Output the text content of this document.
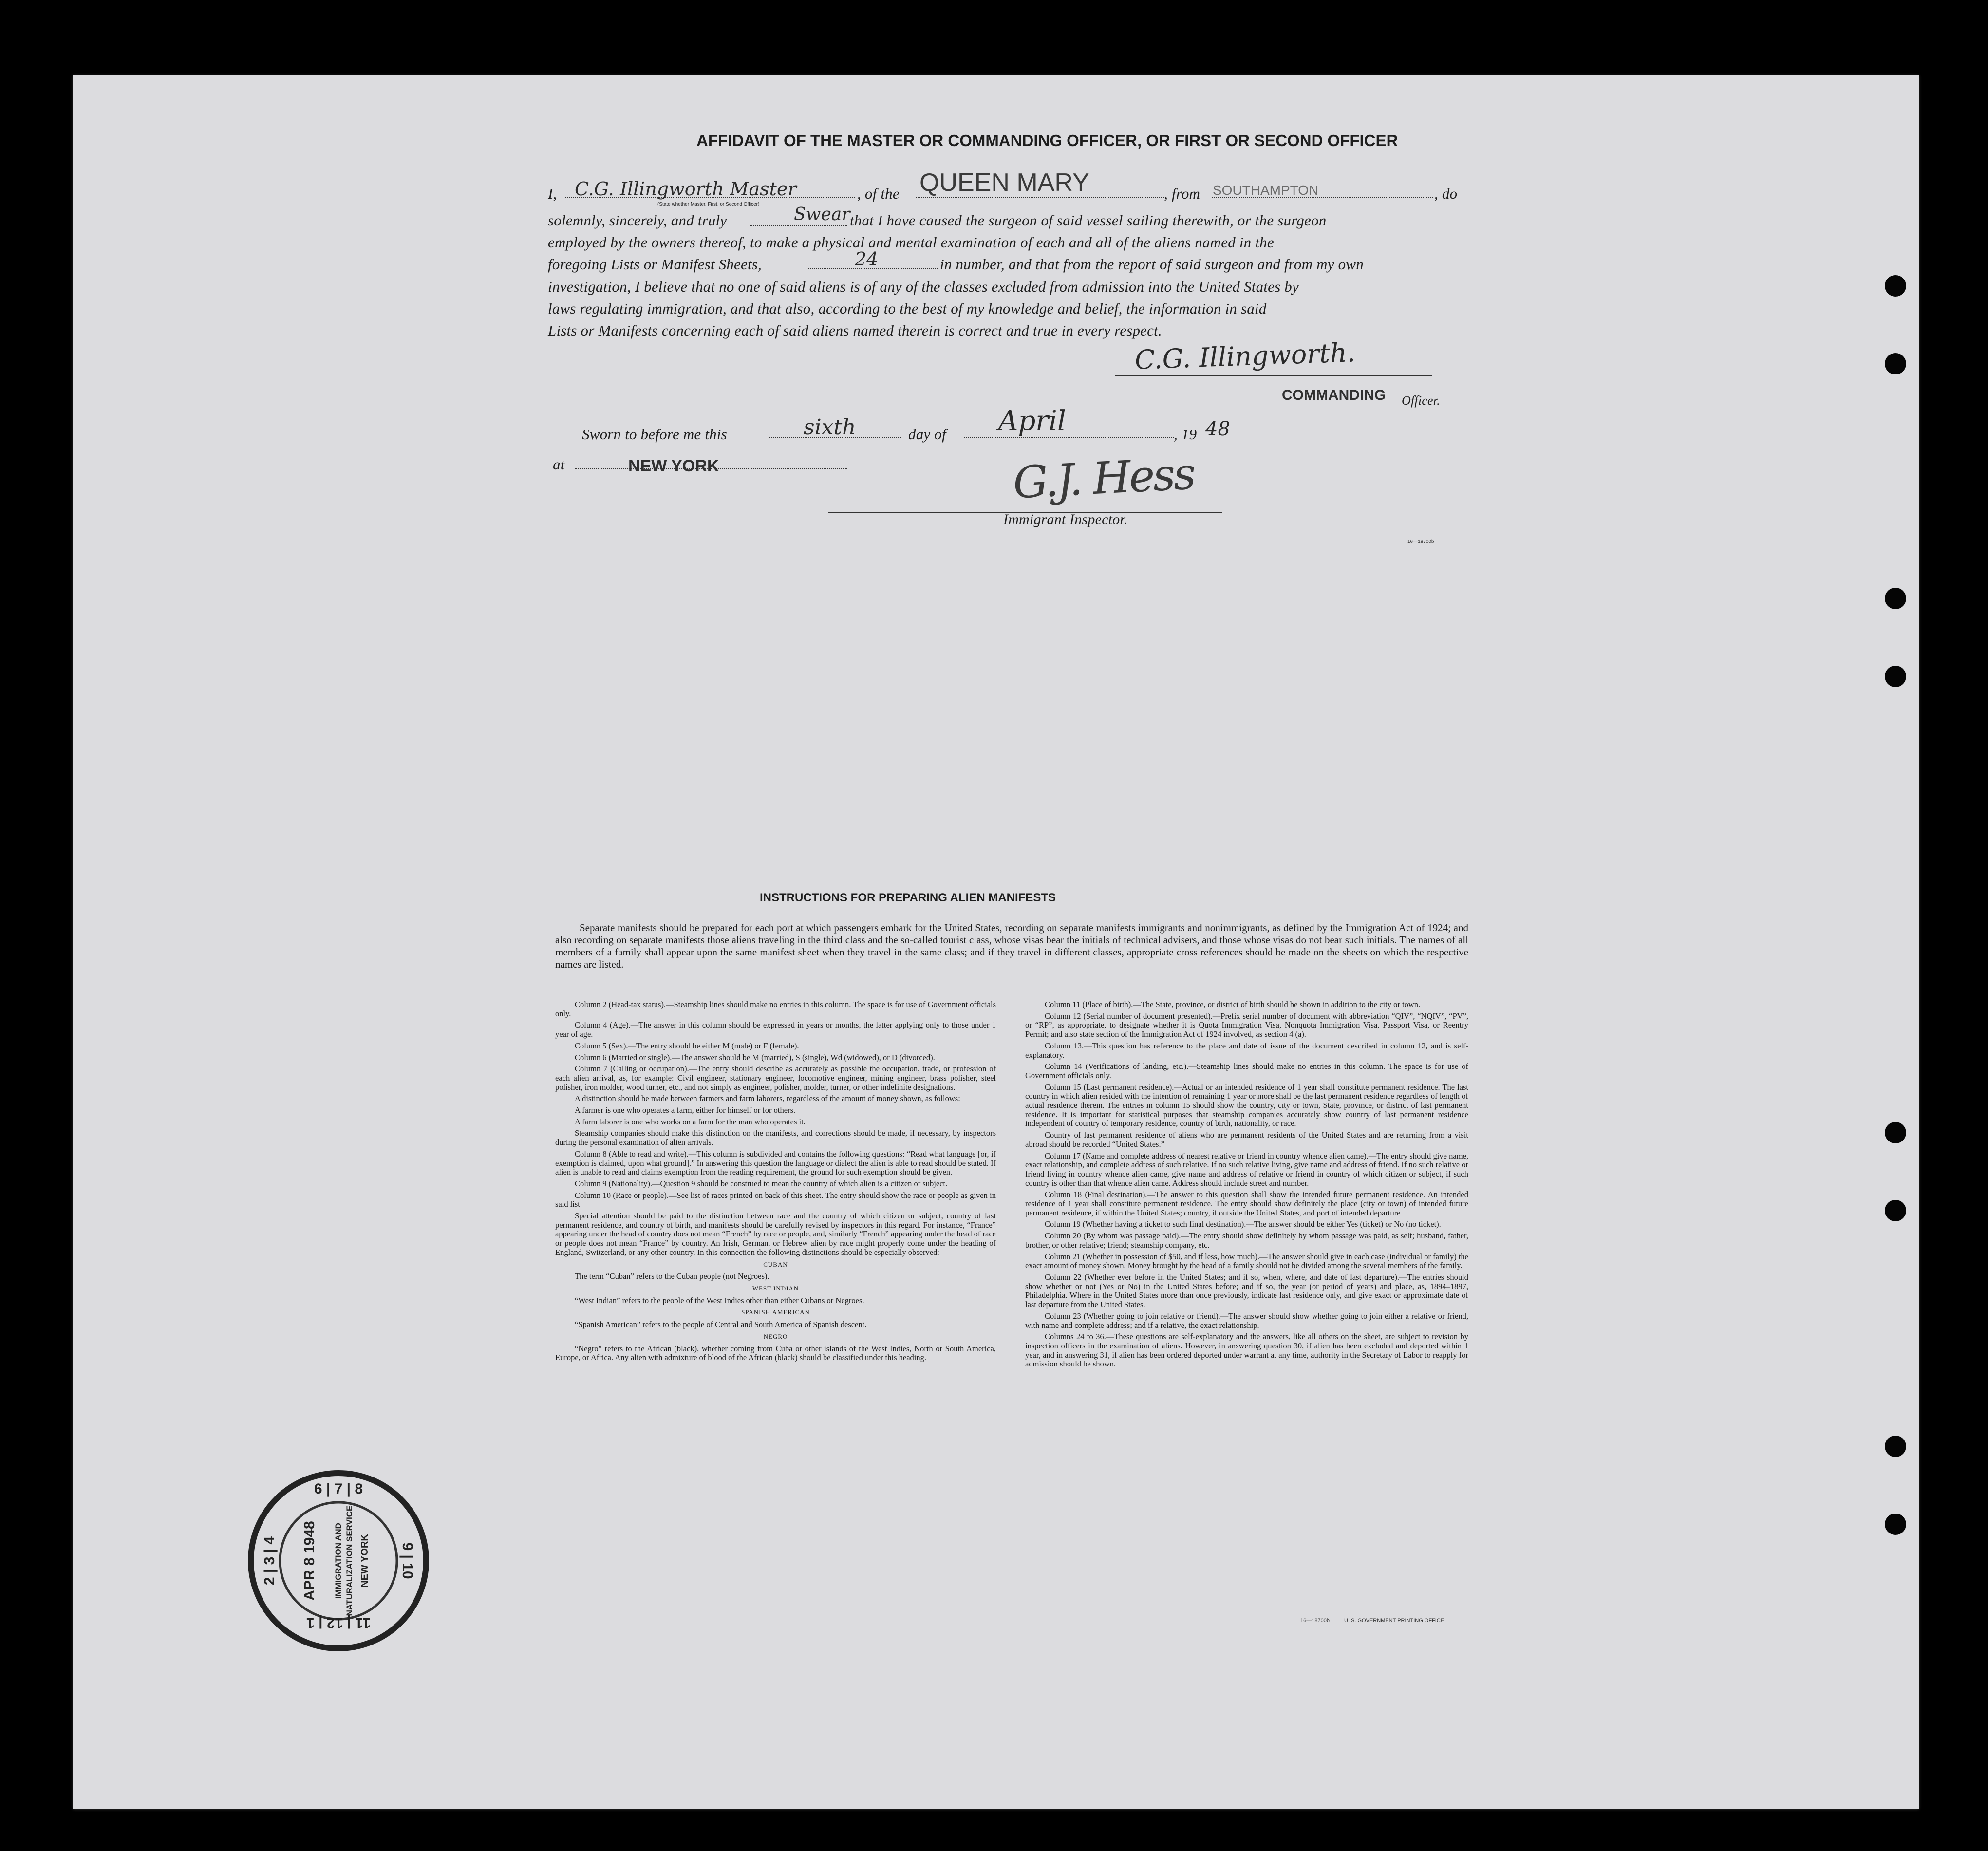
AFFIDAVIT OF THE MASTER OR COMMANDING OFFICER, OR FIRST OR SECOND OFFICER
I, C.G. Illingworth Master
(State whether Master, First, or Second Officer)
, of the QUEEN MARY	, from SOUTHAMPTON	, do
solemnly, sincerely, and truly	Swear that I have caused the surgeon of said vessel sailing therewith, or the surgeon
employed by the owners thereof, to make a physical and mental examination of each and all of the aliens named in the
foregoing Lists or Manifest Sheets,	24	in number, and that from the report of said surgeon and from my own
investigation, I believe that no one of said aliens is of any of the classes excluded from admission into the United States by
laws regulating immigration, and that also, according to the best of my knowledge and belief, the information in said
Lists or Manifests concerning each of said aliens named therein is correct and true in every respect.
C.G. Illingworth.
COMMANDING Officer.
Sworn to before me this	sixth	day of April	, 19 48
at	NEW YORK	G.J. Hess
Immigrant Inspector.
16—18700b
INSTRUCTIONS FOR PREPARING ALIEN MANIFESTS
Separate manifests should be prepared for each port at which passengers embark for the United States, recording on separate manifests immigrants and nonimmigrants, as defined by the Immigration Act of 1924; and also recording on separate manifests those aliens traveling in the third class and the so-called tourist class, whose visas bear the initials of technical advisers, and those whose visas do not bear such initials. The names of all members of a family shall appear upon the same manifest sheet when they travel in the same class; and if they travel in different classes, appropriate cross references should be made on the sheets on which the respective names are listed.

Column 2 (Head-tax status).—Steamship lines should make no entries in this column. The space is for use of Government officials only.

Column 4 (Age).—The answer in this column should be expressed in years or months, the latter applying only to those under 1 year of age.

Column 5 (Sex).—The entry should be either M (male) or F (female).

Column 6 (Married or single).—The answer should be M (married), S (single), Wd (widowed), or D (divorced).

Column 7 (Calling or occupation).—The entry should describe as accurately as possible the occupation, trade, or profession of each alien arrival, as, for example: Civil engineer, stationary engineer, locomotive engineer, mining engineer, brass polisher, steel polisher, iron molder, wood turner, etc., and not simply as engineer, polisher, molder, turner, or other indefinite designations.

A distinction should be made between farmers and farm laborers, regardless of the amount of money shown, as follows:

A farmer is one who operates a farm, either for himself or for others.

A farm laborer is one who works on a farm for the man who operates it.

Steamship companies should make this distinction on the manifests, and corrections should be made, if necessary, by inspectors during the personal examination of alien arrivals.

Column 8 (Able to read and write).—This column is subdivided and contains the following questions: “Read what language [or, if exemption is claimed, upon what ground].” In answering this question the language or dialect the alien is able to read should be stated. If alien is unable to read and claims exemption from the reading requirement, the ground for such exemption should be given.

Column 9 (Nationality).—Question 9 should be construed to mean the country of which alien is a citizen or subject.

Column 10 (Race or people).—See list of races printed on back of this sheet. The entry should show the race or people as given in said list.

Special attention should be paid to the distinction between race and the country of which citizen or subject, country of last permanent residence, and country of birth, and manifests should be carefully revised by inspectors in this regard. For instance, “France” appearing under the head of country does not mean “French” by race or people, and, similarly “French” appearing under the head of race or people does not mean “France” by country. An Irish, German, or Hebrew alien by race might properly come under the heading of England, Switzerland, or any other country. In this connection the following distinctions should be especially observed:

CUBAN

The term “Cuban” refers to the Cuban people (not Negroes).

WEST INDIAN

“West Indian” refers to the people of the West Indies other than either Cubans or Negroes.

SPANISH AMERICAN

“Spanish American” refers to the people of Central and South America of Spanish descent.

NEGRO

“Negro” refers to the African (black), whether coming from Cuba or other islands of the West Indies, North or South America, Europe, or Africa. Any alien with admixture of blood of the African (black) should be classified under this heading.

Column 11 (Place of birth).—The State, province, or district of birth should be shown in addition to the city or town.

Column 12 (Serial number of document presented).—Prefix serial number of document with abbreviation “QIV”, “NQIV”, “PV”, or “RP”, as appropriate, to designate whether it is Quota Immigration Visa, Nonquota Immigration Visa, Passport Visa, or Reentry Permit; and also state section of the Immigration Act of 1924 involved, as section 4 (a).

Column 13.—This question has reference to the place and date of issue of the document described in column 12, and is self-explanatory.

Column 14 (Verifications of landing, etc.).—Steamship lines should make no entries in this column. The space is for use of Government officials only.

Column 15 (Last permanent residence).—Actual or an intended residence of 1 year shall constitute permanent residence. The last country in which alien resided with the intention of remaining 1 year or more shall be the last permanent residence regardless of length of actual residence therein. The entries in column 15 should show the country, city or town, State, province, or district of last permanent residence. It is important for statistical purposes that steamship companies accurately show country of last permanent residence independent of country of temporary residence, country of birth, nationality, or race.

Country of last permanent residence of aliens who are permanent residents of the United States and are returning from a visit abroad should be recorded “United States.”

Column 17 (Name and complete address of nearest relative or friend in country whence alien came).—The entry should give name, exact relationship, and complete address of such relative. If no such relative living, give name and address of friend. If no such relative or friend living in country whence alien came, give name and address of relative or friend in country of which citizen or subject, if such country is other than that whence alien came. Address should include street and number.

Column 18 (Final destination).—The answer to this question shall show the intended future permanent residence. An intended residence of 1 year shall constitute permanent residence. The entry should show definitely the place (city or town) of intended future permanent residence, if within the United States; country, if outside the United States, and port of intended departure.

Column 19 (Whether having a ticket to such final destination).—The answer should be either Yes (ticket) or No (no ticket).

Column 20 (By whom was passage paid).—The entry should show definitely by whom passage was paid, as self; husband, father, brother, or other relative; friend; steamship company, etc.

Column 21 (Whether in possession of $50, and if less, how much).—The answer should give in each case (individual or family) the exact amount of money shown. Money brought by the head of a family should not be divided among the several members of the family.

Column 22 (Whether ever before in the United States; and if so, when, where, and date of last departure).—The entries should show whether or not (Yes or No) in the United States before; and if so, the year (or period of years) and place, as, 1894–1897, Philadelphia. Where in the United States more than once previously, indicate last residence only, and give exact or approximate date of last departure from the United States.

Column 23 (Whether going to join relative or friend).—The answer should show whether going to join either a relative or friend, with name and complete address; and if a relative, the exact relationship.

Columns 24 to 36.—These questions are self-explanatory and the answers, like all others on the sheet, are subject to revision by inspection officers in the examination of aliens. However, in answering question 30, if alien has been excluded and deported within 1 year, and in answering 31, if alien has been ordered deported under warrant at any time, authority in the Secretary of Labor to reapply for admission should be shown.

16—18700b	U. S. GOVERNMENT PRINTING OFFICE
6 | 7 | 8
11 | 12 | 1
2 | 3 | 4	9 | 10
APR 8 1948 IMMIGRATION AND NATURALIZATION SERVICE NEW YORK
